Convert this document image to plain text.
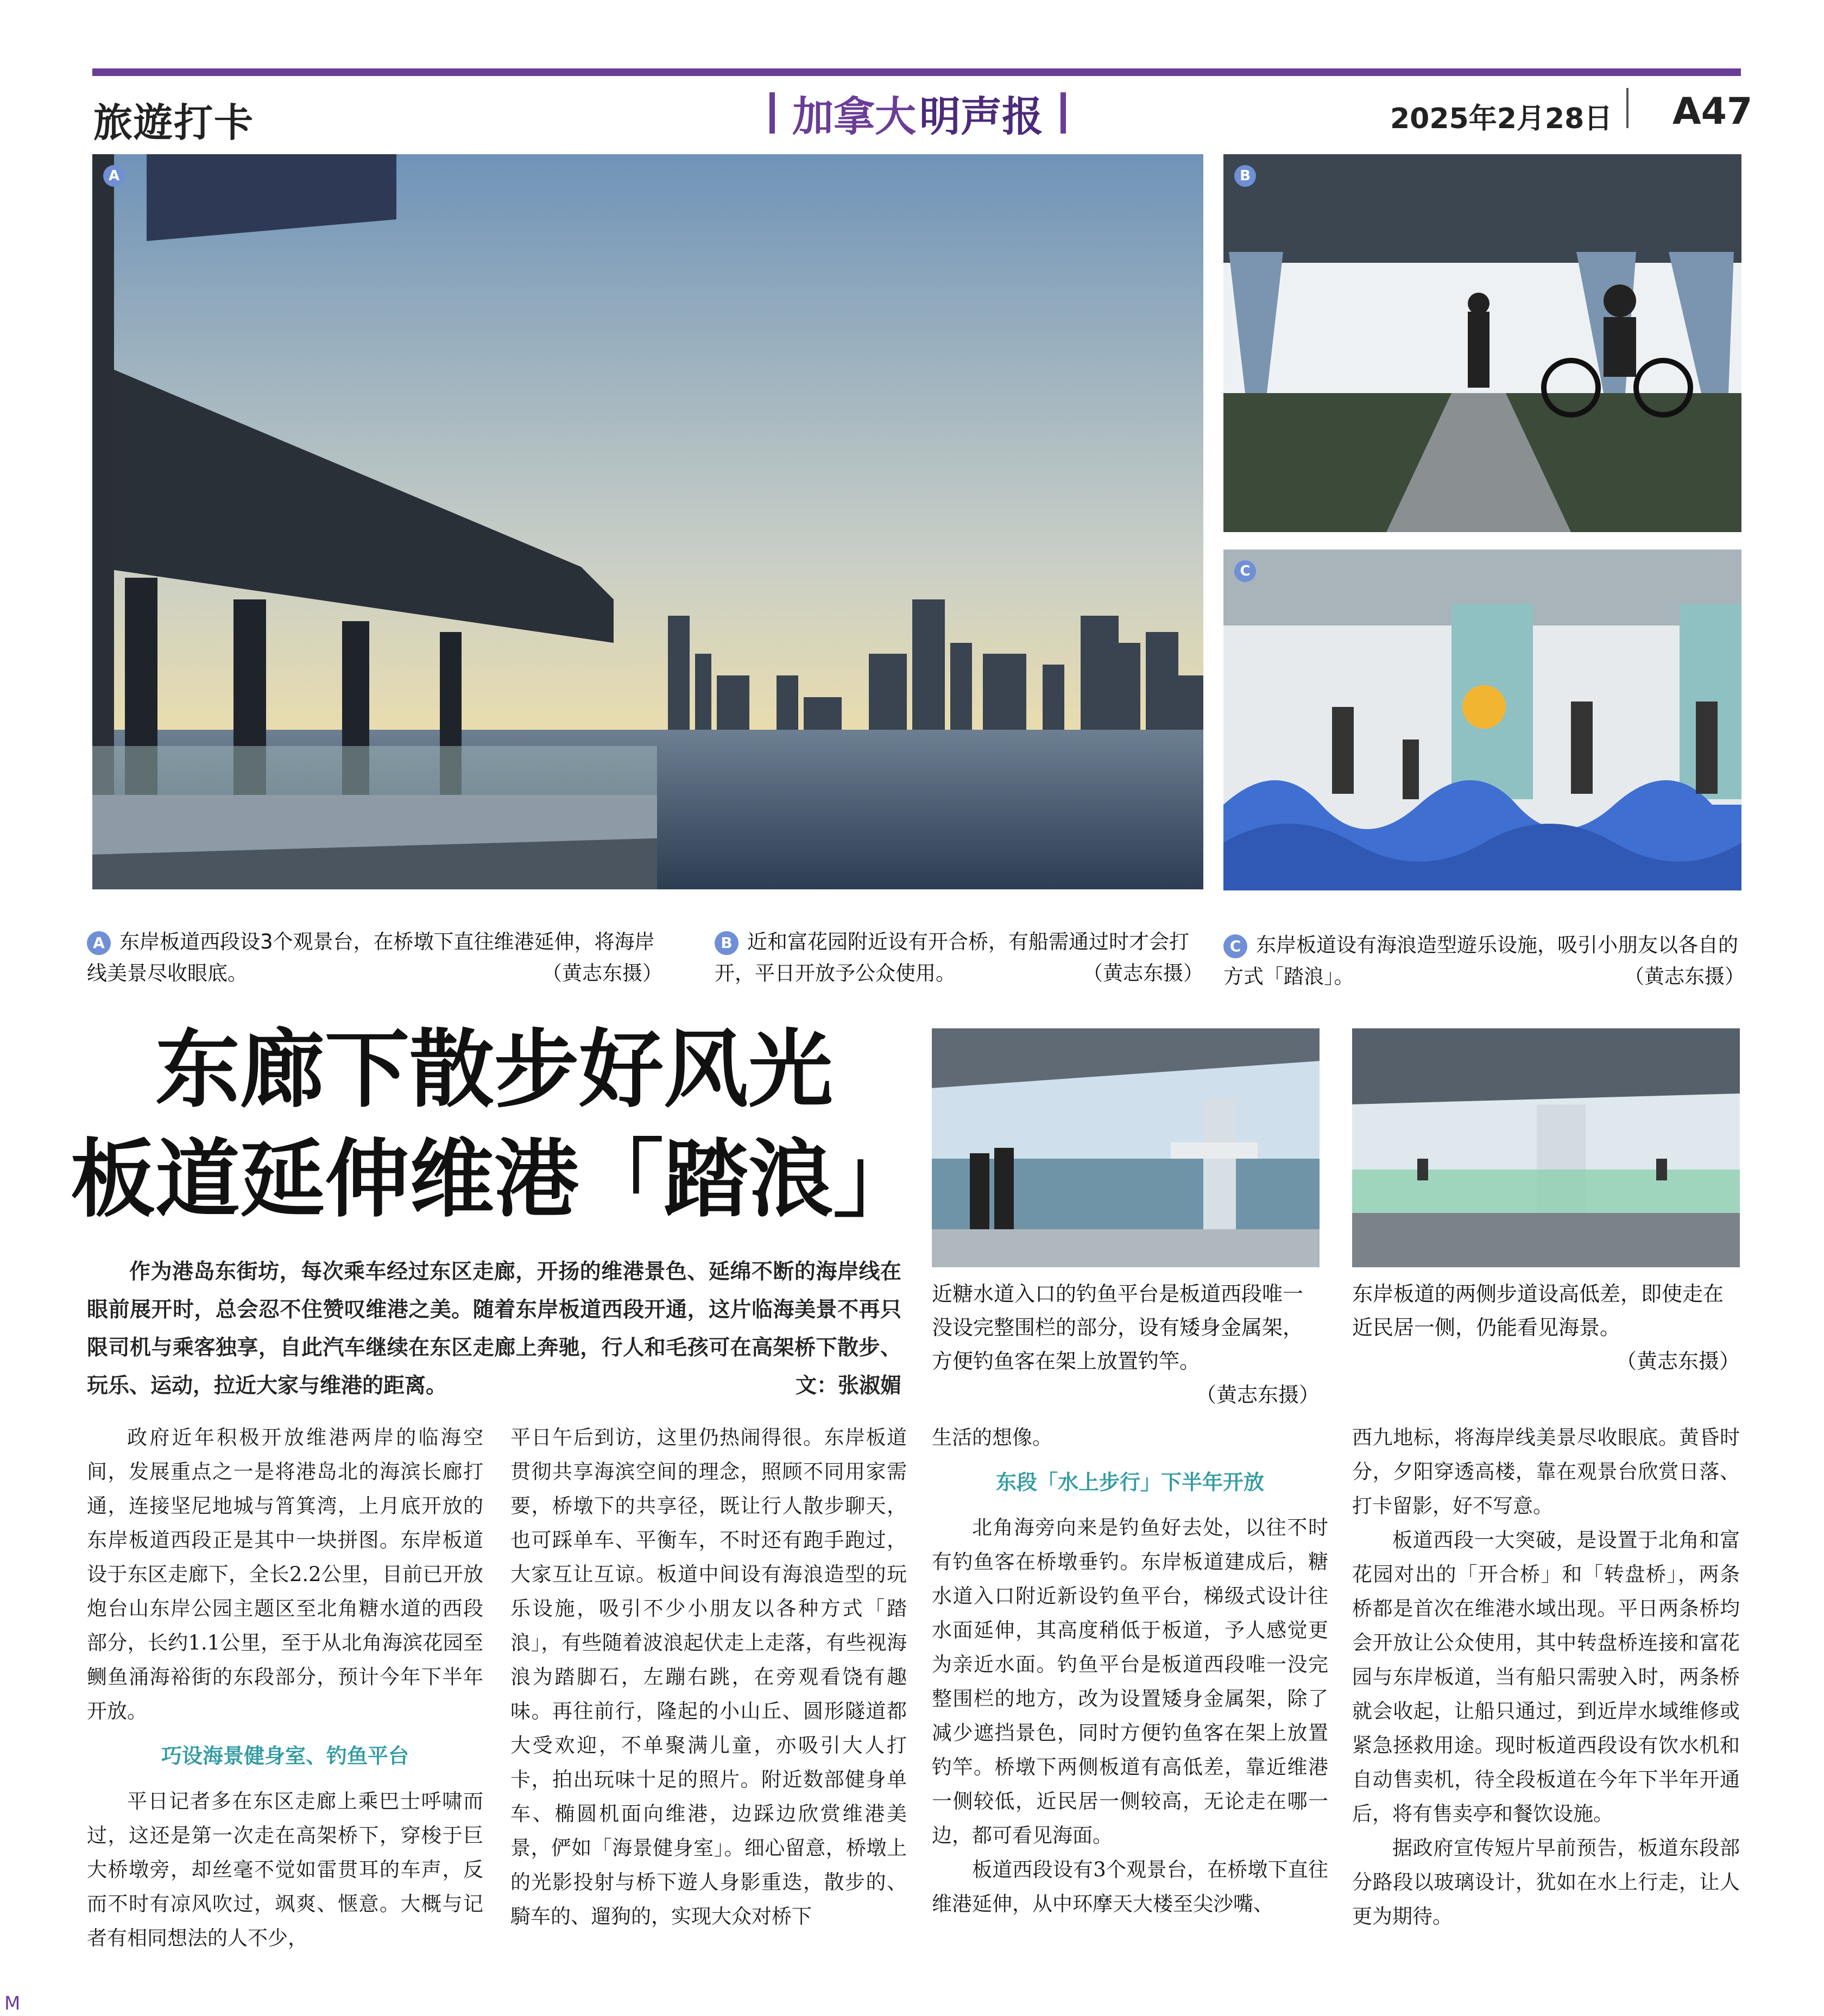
旅遊打卡	加拿大 明声报	2025年2月28日 A47
A	B
C
A 东岸板道西段设3个观景台，在桥墩下直往维港延伸，将海岸线美景尽收眼底。	（黄志东摄）
B 近和富花园附近设有开合桥，有船需通过时才会打开，平日开放予公众使用。	（黄志东摄）
C 东岸板道设有海浪造型遊乐设施，吸引小朋友以各自的方式「踏浪」。	（黄志东摄）
东廊下散步好风光
板道延伸维港「踏浪」
作为港岛东街坊，每次乘车经过东区走廊，开扬的维港景色、延绵不断的海岸线在眼前展开时，总会忍不住赞叹维港之美。随着东岸板道西段开通，这片临海美景不再只限司机与乘客独享，自此汽车继续在东区走廊上奔驰，行人和毛孩可在高架桥下散步、玩乐、运动，拉近大家与维港的距离。	文：张淑媚
近糖水道入口的钓鱼平台是板道西段唯一没设完整围栏的部分，设有矮身金属架，方便钓鱼客在架上放置钓竿。
（黄志东摄）
东岸板道的两侧步道设高低差，即使走在近民居一侧，仍能看见海景。
（黄志东摄）

政府近年积极开放维港两岸的临海空间，发展重点之一是将港岛北的海滨长廊打通，连接坚尼地城与筲箕湾，上月底开放的东岸板道西段正是其中一块拼图。东岸板道设于东区走廊下，全长2.2公里，目前已开放炮台山东岸公园主题区至北角糖水道的西段部分，长约1.1公里，至于从北角海滨花园至鲗鱼涌海裕街的东段部分，预计今年下半年开放。

巧设海景健身室、钓鱼平台

平日记者多在东区走廊上乘巴士呼啸而过，这还是第一次走在高架桥下，穿梭于巨大桥墩旁，却丝毫不觉如雷贯耳的车声，反而不时有凉风吹过，飒爽、惬意。大概与记者有相同想法的人不少，

平日午后到访，这里仍热闹得很。东岸板道贯彻共享海滨空间的理念，照顾不同用家需要，桥墩下的共享径，既让行人散步聊天，也可踩单车、平衡车，不时还有跑手跑过，大家互让互谅。板道中间设有海浪造型的玩乐设施，吸引不少小朋友以各种方式「踏浪」，有些随着波浪起伏走上走落，有些视海浪为踏脚石，左蹦右跳，在旁观看饶有趣味。再往前行，隆起的小山丘、圆形隧道都大受欢迎，不单聚满儿童，亦吸引大人打卡，拍出玩味十足的照片。附近数部健身单车、椭圆机面向维港，边踩边欣赏维港美景，俨如「海景健身室」。细心留意，桥墩上的光影投射与桥下遊人身影重迭，散步的、騎车的、遛狗的，实现大众对桥下

生活的想像。

东段「水上步行」下半年开放

北角海旁向来是钓鱼好去处，以往不时有钓鱼客在桥墩垂钓。东岸板道建成后，糖水道入口附近新设钓鱼平台，梯级式设计往水面延伸，其高度稍低于板道，予人感觉更为亲近水面。钓鱼平台是板道西段唯一没完整围栏的地方，改为设置矮身金属架，除了减少遮挡景色，同时方便钓鱼客在架上放置钓竿。桥墩下两侧板道有高低差，靠近维港一侧较低，近民居一侧较高，无论走在哪一边，都可看见海面。

板道西段设有3个观景台，在桥墩下直往维港延伸，从中环摩天大楼至尖沙嘴、

西九地标，将海岸线美景尽收眼底。黄昏时分，夕阳穿透高楼，靠在观景台欣赏日落、打卡留影，好不写意。

板道西段一大突破，是设置于北角和富花园对出的「开合桥」和「转盘桥」，两条桥都是首次在维港水域出现。平日两条桥均会开放让公众使用，其中转盘桥连接和富花园与东岸板道，当有船只需驶入时，两条桥就会收起，让船只通过，到近岸水域维修或紧急拯救用途。现时板道西段设有饮水机和自动售卖机，待全段板道在今年下半年开通后，将有售卖亭和餐饮设施。

据政府宣传短片早前预告，板道东段部分路段以玻璃设计，犹如在水上行走，让人更为期待。

M
